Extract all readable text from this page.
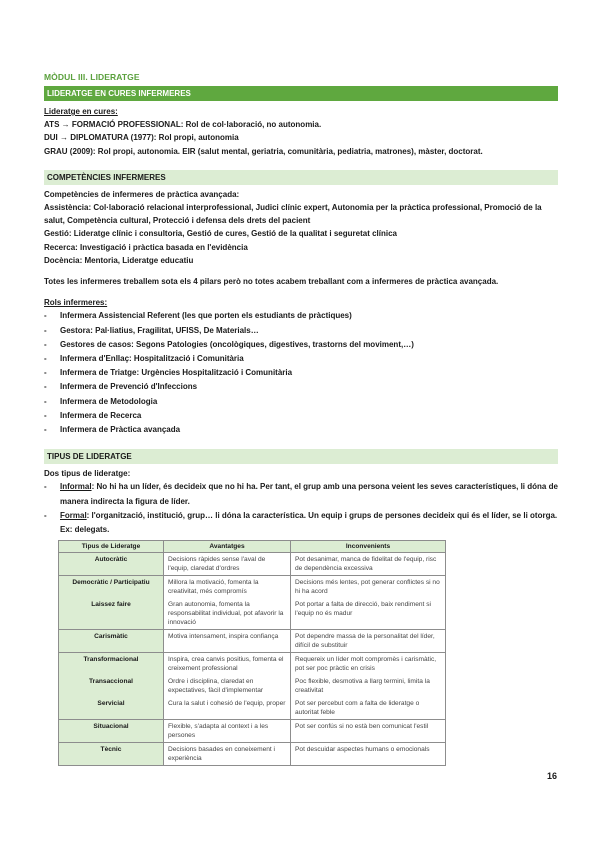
MÒDUL III. LIDERATGE
LIDERATGE EN CURES INFERMERES
Lideratge en cures:
ATS → FORMACIÓ PROFESSIONAL: Rol de col·laboració, no autonomia.
DUI → DIPLOMATURA (1977): Rol propi, autonomia
GRAU (2009): Rol propi, autonomia. EIR (salut mental, geriatria, comunitària, pediatria, matrones), màster, doctorat.
COMPETÈNCIES INFERMERES
Competències de infermeres de pràctica avançada:
Assistència: Col·laboració relacional interprofessional, Judici clínic expert, Autonomia per la pràctica professional, Promoció de la salut, Competència cultural, Protecció i defensa dels drets del pacient
Gestió: Lideratge clínic i consultoria, Gestió de cures, Gestió de la qualitat i seguretat clínica
Recerca: Investigació i pràctica basada en l'evidència
Docència: Mentoria, Lideratge educatiu
Totes les infermeres treballem sota els 4 pilars però no totes acabem treballant com a infermeres de pràctica avançada.
Rols infermeres:
- Infermera Assistencial Referent (les que porten els estudiants de pràctiques)
- Gestora: Pal·liatius, Fragilitat, UFISS, De Materials…
- Gestores de casos: Segons Patologies (oncològiques, digestives, trastorns del moviment,…)
- Infermera d'Enllaç: Hospitalització i Comunitària
- Infermera de Triatge: Urgències Hospitalització i Comunitària
- Infermera de Prevenció d'Infeccions
- Infermera de Metodologia
- Infermera de Recerca
- Infermera de Pràctica avançada
TIPUS DE LIDERATGE
Dos tipus de lideratge:
- Informal: No hi ha un líder, és decideix que no hi ha. Per tant, el grup amb una persona veient les seves característiques, li dóna de manera indirecta la figura de líder.
- Formal: l'organització, institució, grup… li dóna la característica. Un equip i grups de persones decideix qui és el líder, se li otorga. Ex: delegats.
Tipus de Lideratge	Avantatges	Inconvenients
Autocràtic	Decisions ràpides sense l'aval de l'equip, claredat d'ordres	Pot desanimar, manca de fidelitat de l'equip, risc de dependència excessiva
Democràtic / Participatiu	Millora la motivació, fomenta la creativitat, més compromís	Decisions més lentes, pot generar conflictes si no hi ha acord
Laissez faire	Gran autonomia, fomenta la responsabilitat individual, pot afavorir la innovació	Pot portar a falta de direcció, baix rendiment si l'equip no és madur
Carismàtic	Motiva intensament, inspira confiança	Pot dependre massa de la personalitat del líder, difícil de substituir
Transformacional	Inspira, crea canvis positius, fomenta el creixement professional	Requereix un líder molt compromès i carismàtic, pot ser poc pràctic en crisis
Transaccional	Ordre i disciplina, claredat en expectatives, fàcil d'implementar	Poc flexible, desmotiva a llarg termini, limita la creativitat
Servicial	Cura la salut i cohesió de l'equip, proper	Pot ser percebut com a falta de lideratge o autoritat feble
Situacional	Flexible, s'adapta al context i a les persones	Pot ser confús si no està ben comunicat l'estil
Tècnic	Decisions basades en coneixement i experiència	Pot descuidar aspectes humans o emocionals
16
